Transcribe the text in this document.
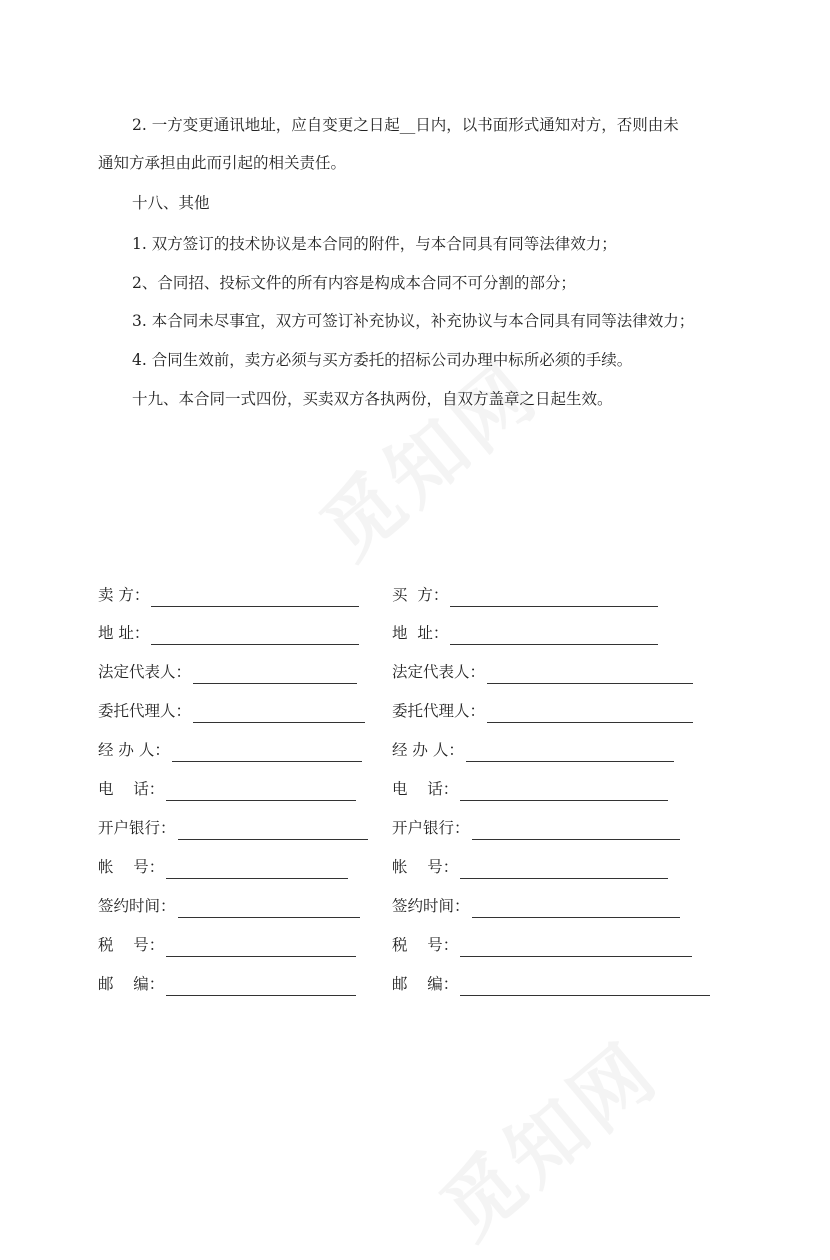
2. 一方变更通讯地址，应自变更之日起__日内，以书面形式通知对方，否则由未
通知方承担由此而引起的相关责任。
十八、其他
1. 双方签订的技术协议是本合同的附件，与本合同具有同等法律效力；
2、合同招、投标文件的所有内容是构成本合同不可分割的部分；
3. 本合同未尽事宜，双方可签订补充协议，补充协议与本合同具有同等法律效力；
4. 合同生效前，卖方必须与买方委托的招标公司办理中标所必须的手续。
十九、本合同一式四份，买卖双方各执两份，自双方盖章之日起生效。
卖 方：
地 址：
法定代表人：
委托代理人：
经 办 人：
电    话：
开户银行：
帐    号：
签约时间：
税    号：
邮    编：
买  方：
地  址：
法定代表人：
委托代理人：
经 办 人：
电    话：
开户银行：
帐    号：
签约时间：
税    号：
邮    编：
